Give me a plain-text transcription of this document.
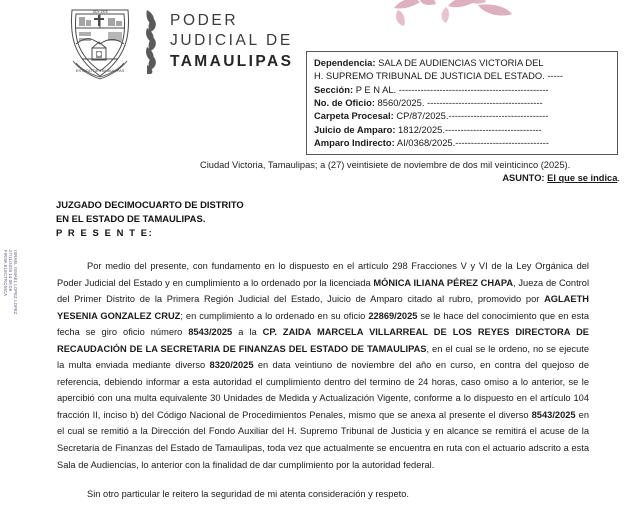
ESTADO DE TAMAULIPAS
1824 1825	PODER
JUDICIAL DE
TAMAULIPAS Dependencia: SALA DE AUDIENCIAS VICTORIA DEL
H. SUPREMO TRIBUNAL DE JUSTICIA DEL ESTADO. -----
Sección: P E N AL. ------------------------------------------------
No. de Oficio: 8560/2025. -------------------------------------
Carpeta Procesal: CP/87/2025.--------------------------------
Juicio de Amparo: 1812/2025.-------------------------------
Amparo Indirecto: AI/0368/2025.------------------------------
Ciudad Victoria, Tamaulipas; a (27) veintisiete de noviembre de dos mil veinticinco (2025).
ASUNTO: El que se indica.
JUZGADO DECIMOCUARTO DE DISTRITO
EN EL ESTADO DE TAMAULIPAS.
P R E S E N T E:

Por medio del presente, con fundamento en lo dispuesto en el artículo 298 Fracciones V y VI de la Ley Orgánica del Poder Judicial del Estado y en cumplimiento a lo ordenado por la licenciada MÓNICA ILIANA PÉREZ CHAPA, Jueza de Control del Primer Distrito de la Primera Región Judicial del Estado, Juicio de Amparo citado al rubro, promovido por AGLAETH YESENIA GONZALEZ CRUZ; en cumplimiento a lo ordenado en su oficio 22869/2025 se le hace del conocimiento que en esta fecha se giro oficio número 8543/2025 a la CP. ZAIDA MARCELA VILLARREAL DE LOS REYES DIRECTORA DE RECAUDACIÓN DE LA SECRETARIA DE FINANZAS DEL ESTADO DE TAMAULIPAS, en el cual se le ordeno, no se ejecute la multa enviada mediante diverso 8320/2025 en data veintiuno de noviembre del año en curso, en contra del quejoso de referencia, debiendo informar a esta autoridad el cumplimiento dentro del termino de 24 horas, caso omiso a lo anterior, se le apercibió con una multa equivalente 30 Unidades de Medida y Actualización Vigente, conforme a lo dispuesto en el artículo 104 fracción II, inciso b) del Código Nacional de Procedimientos Penales, mismo que se anexa al presente el diverso 8543/2025 en el cual se remitió a la Dirección del Fondo Auxiliar del H. Supremo Tribunal de Justicia y en alcance se remitirá el acuse de la Secretaria de Finanzas del Estado de Tamaulipas, toda vez que actualmente se encuentra en ruta con el actuario adscrito a esta Sala de Audiencias, lo anterior con la finalidad de dar cumplimiento por la autoridad federal.

Sin otro particular le reitero la seguridad de mi atenta consideración y respeto.

ISRAEL ISMAEL LOPEZ LOPEZ
27/11/2025 14:08:09
FIRMA ELECTRONICA
